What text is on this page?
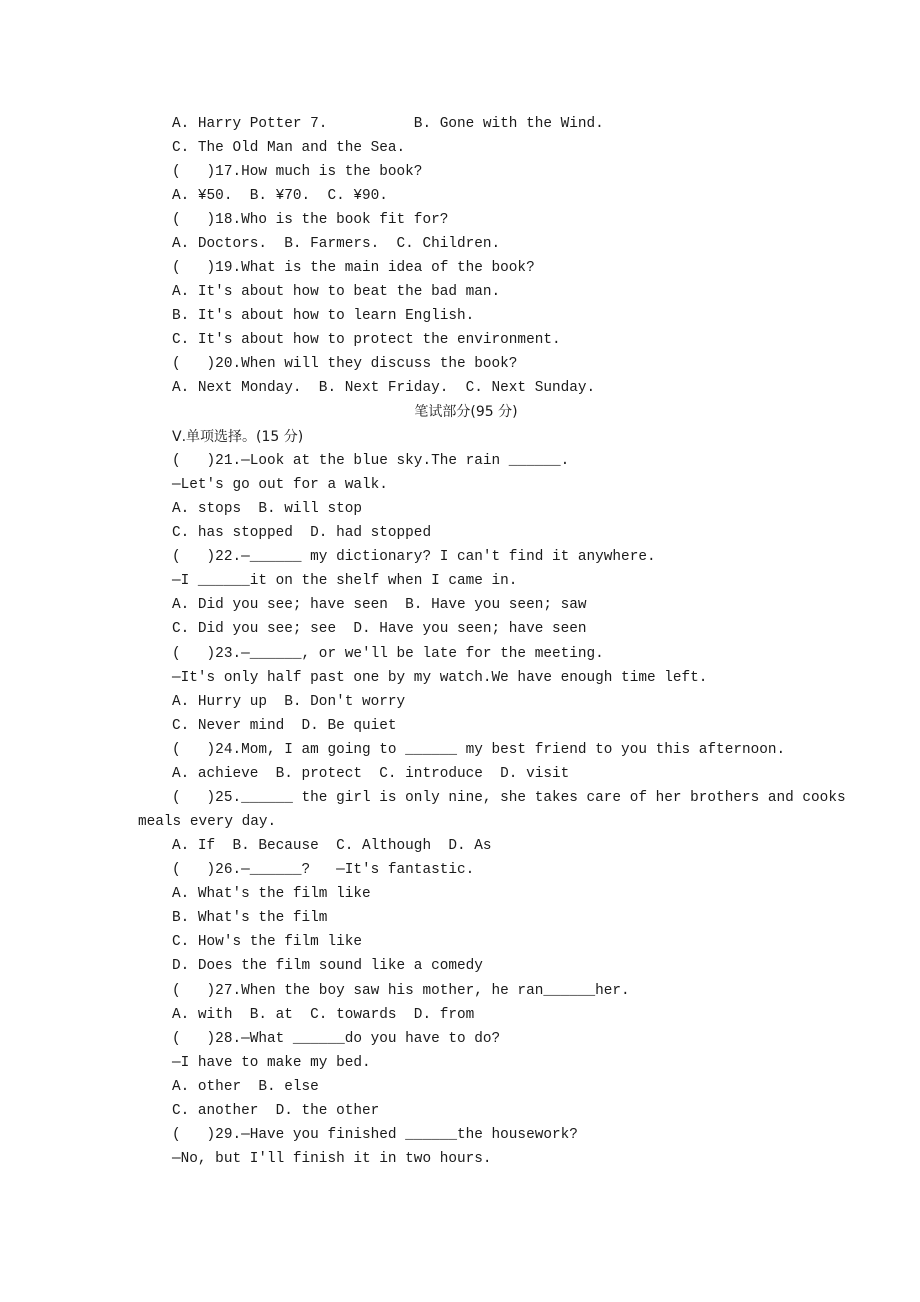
A. Harry Potter 7.          B. Gone with the Wind.
C. The Old Man and the Sea.
(   )17.How much is the book?
A. ¥50.  B. ¥70.  C. ¥90.
(   )18.Who is the book fit for?
A. Doctors.  B. Farmers.  C. Children.
(   )19.What is the main idea of the book?
A. It's about how to beat the bad man.
B. It's about how to learn English.
C. It's about how to protect the environment.
(   )20.When will they discuss the book?
A. Next Monday.  B. Next Friday.  C. Next Sunday.
笔试部分(95 分)
Ⅴ.单项选择。(15 分)
(   )21.—Look at the blue sky.The rain ______.
—Let's go out for a walk.
A. stops  B. will stop
C. has stopped  D. had stopped
(   )22.—______ my dictionary? I can't find it anywhere.
—I ______it on the shelf when I came in.
A. Did you see; have seen  B. Have you seen; saw
C. Did you see; see  D. Have you seen; have seen
(   )23.—______, or we'll be late for the meeting.
—It's only half past one by my watch.We have enough time left.
A. Hurry up  B. Don't worry
C. Never mind  D. Be quiet
(   )24.Mom, I am going to ______ my best friend to you this afternoon.
A. achieve  B. protect  C. introduce  D. visit
(   )25.______ the girl is only nine, she takes care of her brothers and cooks
meals every day.
A. If  B. Because  C. Although  D. As
(   )26.—______?   —It's fantastic.
A. What's the film like
B. What's the film
C. How's the film like
D. Does the film sound like a comedy
(   )27.When the boy saw his mother, he ran______her.
A. with  B. at  C. towards  D. from
(   )28.—What ______do you have to do?
—I have to make my bed.
A. other  B. else
C. another  D. the other
(   )29.—Have you finished ______the housework?
—No, but I'll finish it in two hours.
